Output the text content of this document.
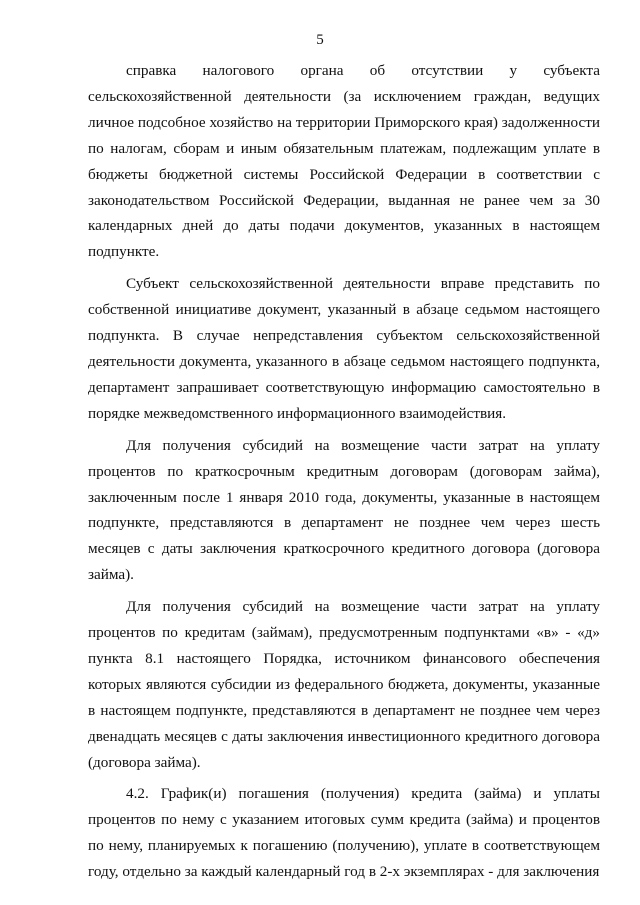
5

справка налогового органа об отсутствии у субъекта сельскохозяйственной деятельности (за исключением граждан, ведущих личное подсобное хозяйство на территории Приморского края) задолженности по налогам, сборам и иным обязательным платежам, подлежащим уплате в бюджеты бюджетной системы Российской Федерации в соответствии с законодательством Российской Федерации, выданная не ранее чем за 30 календарных дней до даты подачи документов, указанных в настоящем подпункте.

Субъект сельскохозяйственной деятельности вправе представить по собственной инициативе документ, указанный в абзаце седьмом настоящего подпункта. В случае непредставления субъектом сельскохозяйственной деятельности документа, указанного в абзаце седьмом настоящего подпункта, департамент запрашивает соответствующую информацию самостоятельно в порядке межведомственного информационного взаимодействия.

Для получения субсидий на возмещение части затрат на уплату процентов по краткосрочным кредитным договорам (договорам займа), заключенным после 1 января 2010 года, документы, указанные в настоящем подпункте, представляются в департамент не позднее чем через шесть месяцев с даты заключения краткосрочного кредитного договора (договора займа).

Для получения субсидий на возмещение части затрат на уплату процентов по кредитам (займам), предусмотренным подпунктами «в» - «д» пункта 8.1 настоящего Порядка, источником финансового обеспечения которых являются субсидии из федерального бюджета, документы, указанные в настоящем подпункте, представляются в департамент не позднее чем через двенадцать месяцев с даты заключения инвестиционного кредитного договора (договора займа).

4.2. График(и) погашения (получения) кредита (займа) и уплаты процентов по нему с указанием итоговых сумм кредита (займа) и процентов по нему, планируемых к погашению (получению), уплате в соответствующем году, отдельно за каждый календарный год в 2-х экземплярах - для заключения
